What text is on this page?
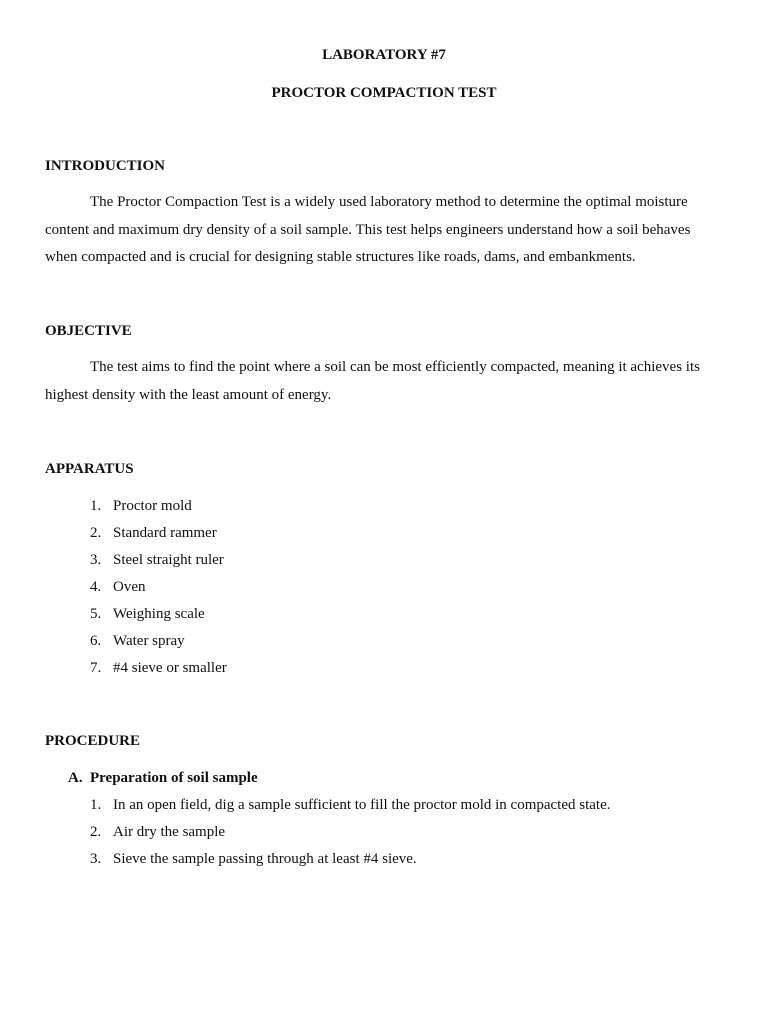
LABORATORY #7
PROCTOR COMPACTION TEST
INTRODUCTION

The Proctor Compaction Test is a widely used laboratory method to determine the optimal moisture content and maximum dry density of a soil sample. This test helps engineers understand how a soil behaves when compacted and is crucial for designing stable structures like roads, dams, and embankments.

OBJECTIVE

The test aims to find the point where a soil can be most efficiently compacted, meaning it achieves its highest density with the least amount of energy.

APPARATUS
1. Proctor mold
2. Standard rammer
3. Steel straight ruler
4. Oven
5. Weighing scale
6. Water spray
7. #4 sieve or smaller
PROCEDURE
A. Preparation of soil sample
1. In an open field, dig a sample sufficient to fill the proctor mold in compacted state.
2. Air dry the sample
3. Sieve the sample passing through at least #4 sieve.
